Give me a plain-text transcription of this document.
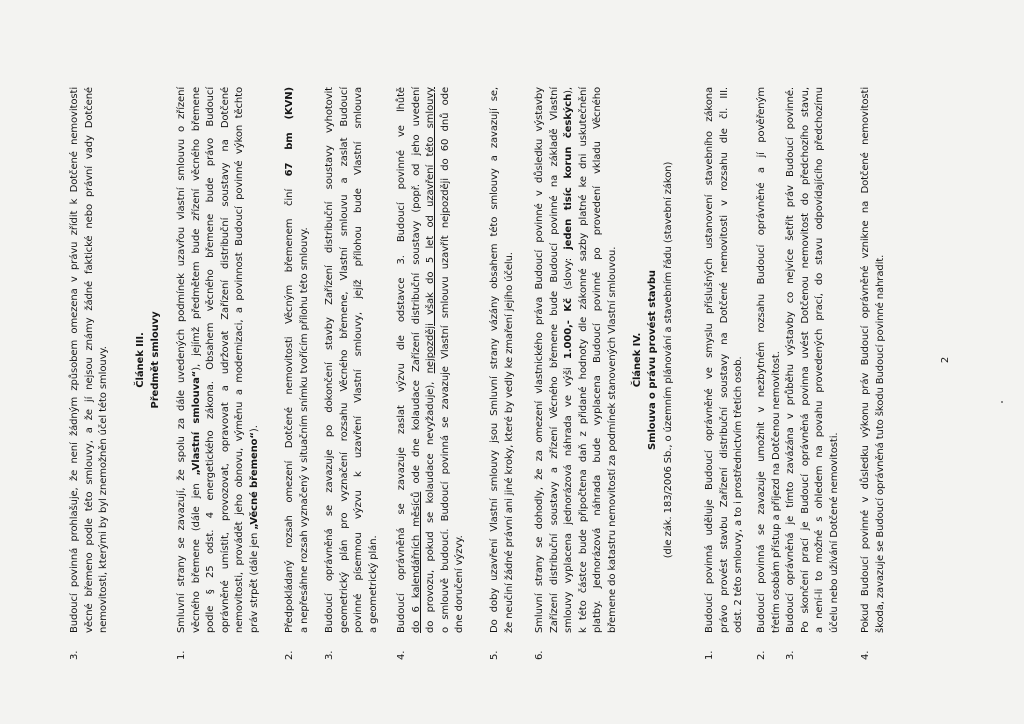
3.
Budoucí povinná prohlašuje, že není žádným způsobem omezena v právu zřídit k Dotčené nemovitosti věcné břemeno podle této smlouvy, a že jí nejsou známy žádné faktické nebo právní vady Dotčené nemovitosti, kterými by byl znemožněn účel této smlouvy.	Článek III. Předmět smlouvy
1.
Smluvní strany se zavazují, že spolu za dále uvedených podmínek uzavřou vlastní smlouvu o zřízení věcného břemene (dále jen „Vlastní smlouva“), jejímž předmětem bude zřízení věcného břemene podle § 25 odst. 4 energetického zákona. Obsahem věcného břemene bude právo Budoucí oprávněné umístit, provozovat, opravovat a udržovat Zařízení distribuční soustavy na Dotčené nemovitosti, provádět jeho obnovu, výměnu a modernizaci, a povinnost Budoucí povinné výkon těchto práv strpět (dále jen „Věcné břemeno“).
2.
Předpokládaný rozsah omezení Dotčené nemovitosti Věcným břemenem činí 67 bm (KVN)
a nepřesáhne rozsah vyznačený v situačním snímku tvořícím přílohu této smlouvy.
3.
Budoucí oprávněná se zavazuje po dokončení stavby Zařízení distribuční soustavy vyhotovit geometrický plán pro vyznačení rozsahu Věcného břemene, Vlastní smlouvu a zaslat Budoucí povinné písemnou výzvu k uzavření Vlastní smlouvy, jejíž přílohou bude Vlastní smlouva a geometrický plán.
4.
Budoucí oprávněná se zavazuje zaslat výzvu dle odstavce 3. Budoucí povinné ve lhůtě do 6 kalendářních měsíců ode dne kolaudace Zařízení distribuční soustavy (popř. od jeho uvedení
do provozu, pokud se kolaudace nevyžaduje), nejpozději však do 5 let od uzavření této smlouvy o smlouvě budoucí. Budoucí povinná se zavazuje Vlastní smlouvu uzavřít nejpozději do 60 dnů ode dne doručení výzvy.
5.
Do doby uzavření Vlastní smlouvy jsou Smluvní strany vázány obsahem této smlouvy a zavazují se, že neučiní žádné právní ani jiné kroky, které by vedly ke zmaření jejího účelu.
6.
Smluvní strany se dohodly, že za omezení vlastnického práva Budoucí povinné v důsledku výstavby Zařízení distribuční soustavy a zřízení Věcného břemene bude Budoucí povinné na základě Vlastní smlouvy vyplacena jednorázová náhrada ve výši 1.000,- Kč (slovy: jeden tisíc korun českých), k této částce bude připočtena daň z přidané hodnoty dle zákonné sazby platné ke dni uskutečnění platby. Jednorázová náhrada bude vyplacena Budoucí povinné po provedení vkladu Věcného břemene do katastru nemovitostí za podmínek stanovených Vlastní smlouvou. Článek IV. Smlouva o právu provést stavbu (dle zák. 183/2006 Sb., o územním plánování a stavebním řádu (stavební zákon)
1.
Budoucí povinná uděluje Budoucí oprávněné ve smyslu příslušných ustanovení stavebního zákona právo provést stavbu Zařízení distribuční soustavy na Dotčené nemovitosti v rozsahu dle čl. III. odst. 2 této smlouvy, a to i prostřednictvím třetích osob.
2.
Budoucí povinná se zavazuje umožnit v nezbytném rozsahu Budoucí oprávněné a jí pověřeným třetím osobám přístup a příjezd na Dotčenou nemovitost.
3.
Budoucí oprávněná je tímto zavázána v průběhu výstavby co nejvíce šetřit práv Budoucí povinné. Po skončení prací je Budoucí oprávněná povinna uvést Dotčenou nemovitost do předchozího stavu, a není-li to možné s ohledem na povahu provedených prací, do stavu odpovídajícího předchozímu účelu nebo užívání Dotčené nemovitosti.
4.
Pokud Budoucí povinné v důsledku výkonu práv Budoucí oprávněné vznikne na Dotčené nemovitosti škoda, zavazuje se Budoucí oprávněná tuto škodu Budoucí povinné nahradit.	2
